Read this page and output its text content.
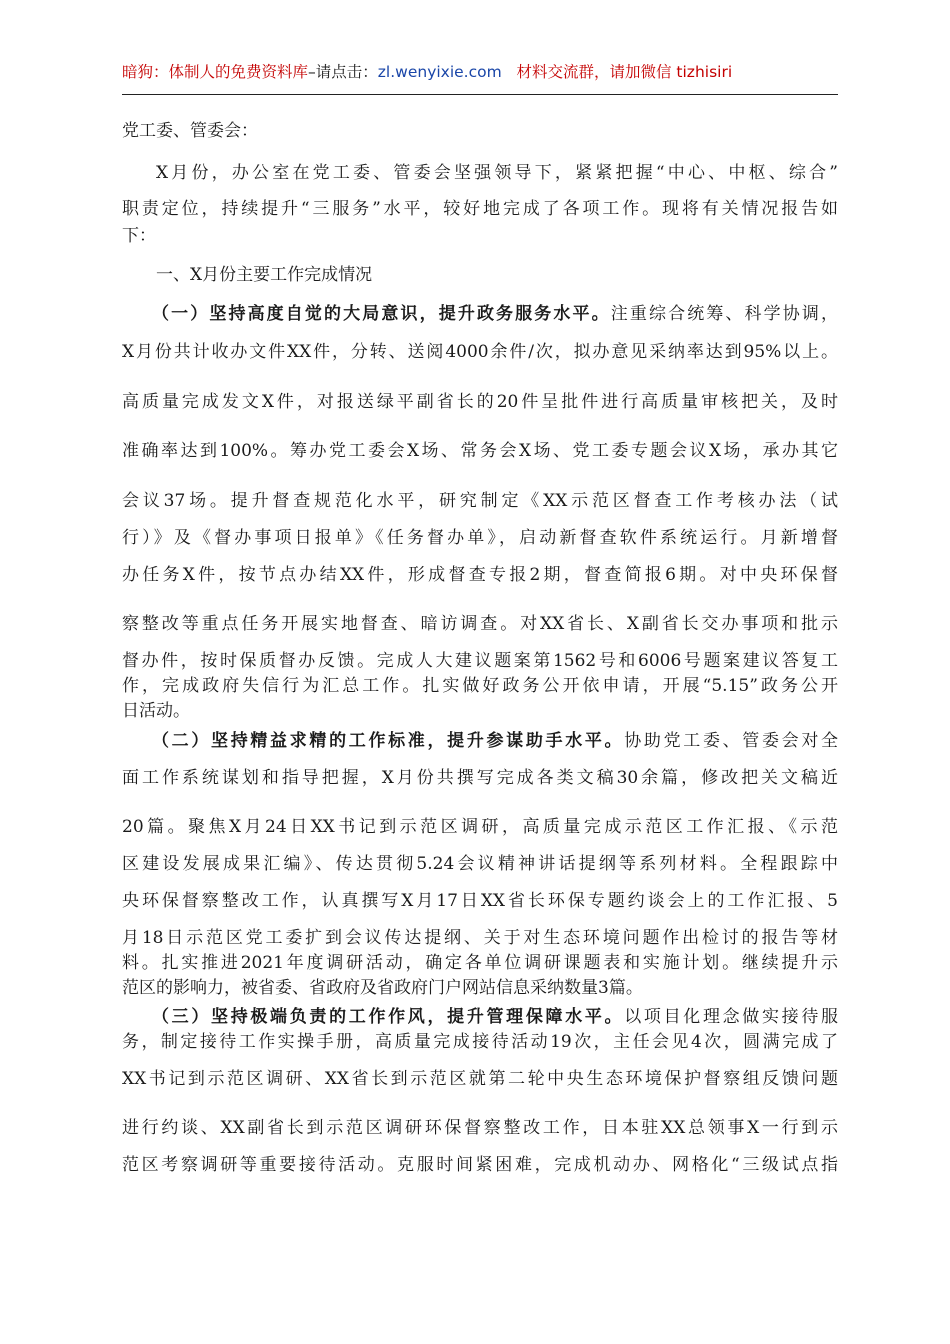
暗狗：体制人的免费资料库–请点击：zl.wenyixie.com 材料交流群，请加微信 tizhisiri
党工委、管委会：
X月份，办公室在党工委、管委会坚强领导下，紧紧把握“中心、中枢、综合”
职责定位，持续提升“三服务”水平，较好地完成了各项工作。现将有关情况报告如
下：
一、X月份主要工作完成情况
（一）坚持高度自觉的大局意识，提升政务服务水平。注重综合统筹、科学协调，
X月份共计收办文件XX件，分转、送阅4000余件/次，拟办意见采纳率达到95%以上。
高质量完成发文X件，对报送绿平副省长的20件呈批件进行高质量审核把关，及时
准确率达到100%。筹办党工委会X场、常务会X场、党工委专题会议X场，承办其它
会议37场。提升督查规范化水平，研究制定《XX示范区督查工作考核办法（试
行）》及《督办事项日报单》《任务督办单》，启动新督查软件系统运行。月新增督
办任务X件，按节点办结XX件，形成督查专报2期，督查简报6期。对中央环保督
察整改等重点任务开展实地督查、暗访调查。对XX省长、X副省长交办事项和批示
督办件，按时保质督办反馈。完成人大建议题案第1562号和6006号题案建议答复工
作，完成政府失信行为汇总工作。扎实做好政务公开依申请，开展“5.15”政务公开
日活动。
（二）坚持精益求精的工作标准，提升参谋助手水平。协助党工委、管委会对全
面工作系统谋划和指导把握，X月份共撰写完成各类文稿30余篇，修改把关文稿近
20篇。聚焦X月24日XX书记到示范区调研，高质量完成示范区工作汇报、《示范
区建设发展成果汇编》、传达贯彻5.24会议精神讲话提纲等系列材料。全程跟踪中
央环保督察整改工作，认真撰写X月17日XX省长环保专题约谈会上的工作汇报、5
月18日示范区党工委扩到会议传达提纲、关于对生态环境问题作出检讨的报告等材
料。扎实推进2021年度调研活动，确定各单位调研课题表和实施计划。继续提升示
范区的影响力，被省委、省政府及省政府门户网站信息采纳数量3篇。
（三）坚持极端负责的工作作风，提升管理保障水平。以项目化理念做实接待服
务，制定接待工作实操手册，高质量完成接待活动19次，主任会见4次，圆满完成了
XX书记到示范区调研、XX省长到示范区就第二轮中央生态环境保护督察组反馈问题
进行约谈、XX副省长到示范区调研环保督察整改工作，日本驻XX总领事X一行到示
范区考察调研等重要接待活动。克服时间紧困难，完成机动办、网格化“三级试点指
